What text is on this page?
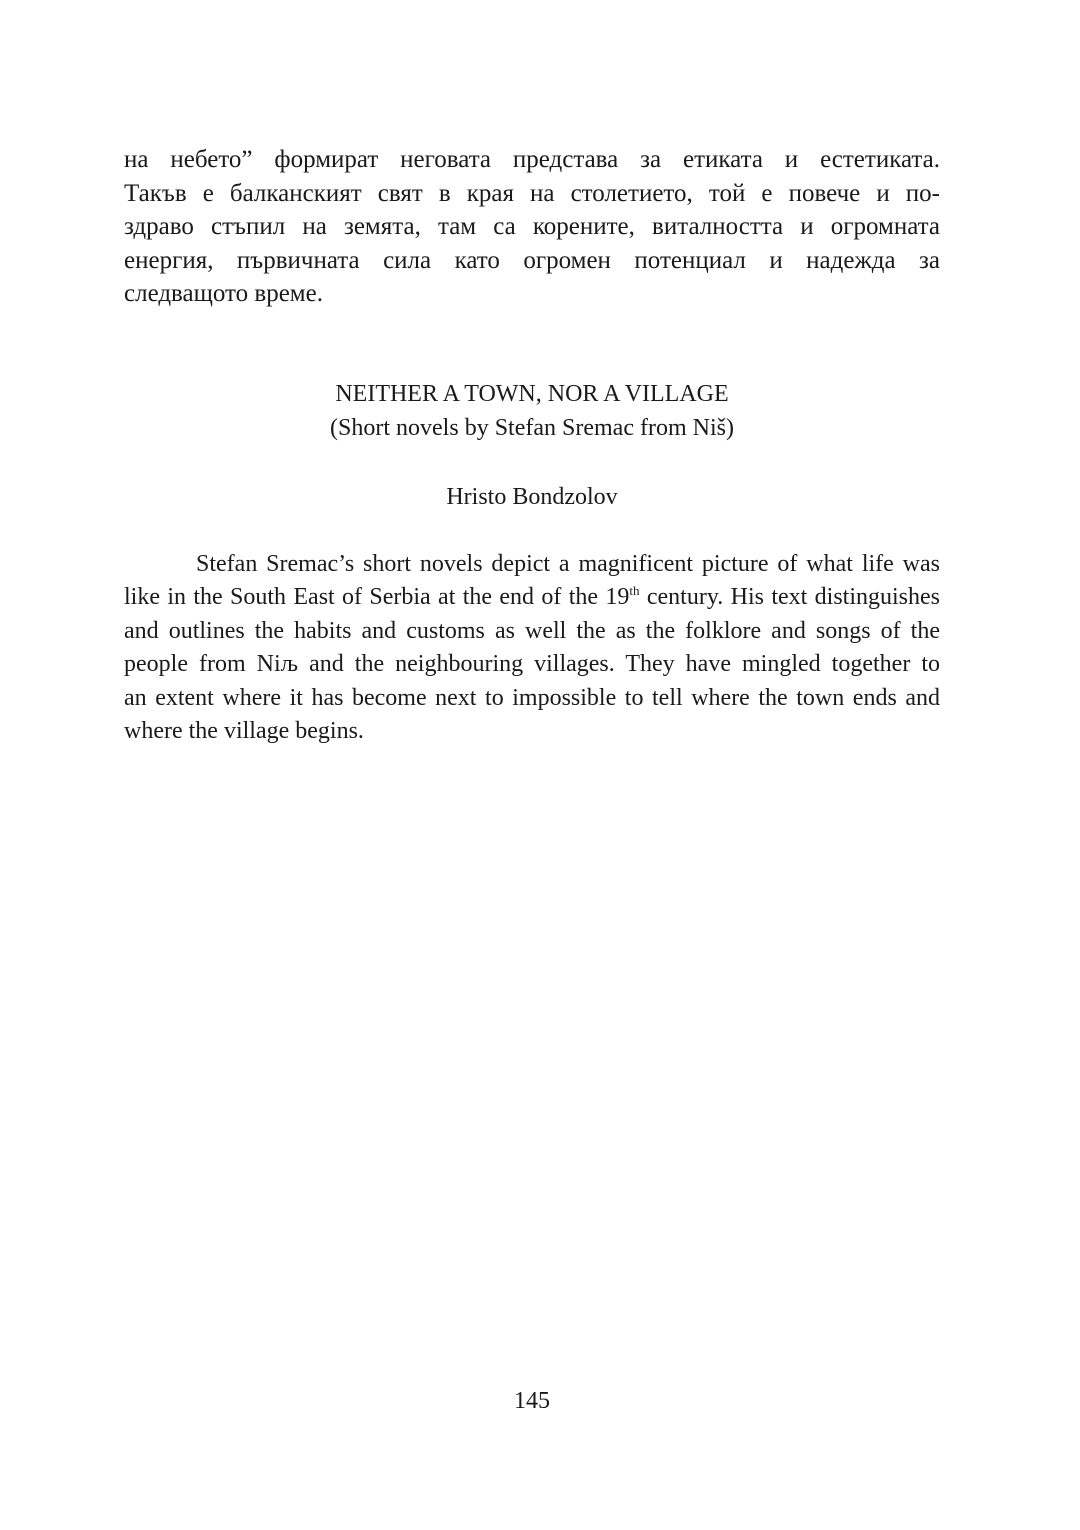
на небето” формират неговата представа за етиката и естетиката.
Такъв е балканският свят в края на столетието, той е повече и по-
здраво стъпил на земята, там са корените, виталността и огромната
енергия, първичната сила като огромен потенциал и надежда за
следващото време.

NEITHER A TOWN, NOR A VILLAGE

(Short novels by Stefan Sremac from Niš)

Hristo Bondzolov

Stefan Sremac’s short novels depict a magnificent picture of what life was
like in the South East of Serbia at the end of the 19th century. His text distinguishes
and outlines the habits and customs as well the as the folklore and songs of the
people from Niљ and the neighbouring villages. They have mingled together to
an extent where it has become next to impossible to tell where the town ends and
where the village begins.

145
